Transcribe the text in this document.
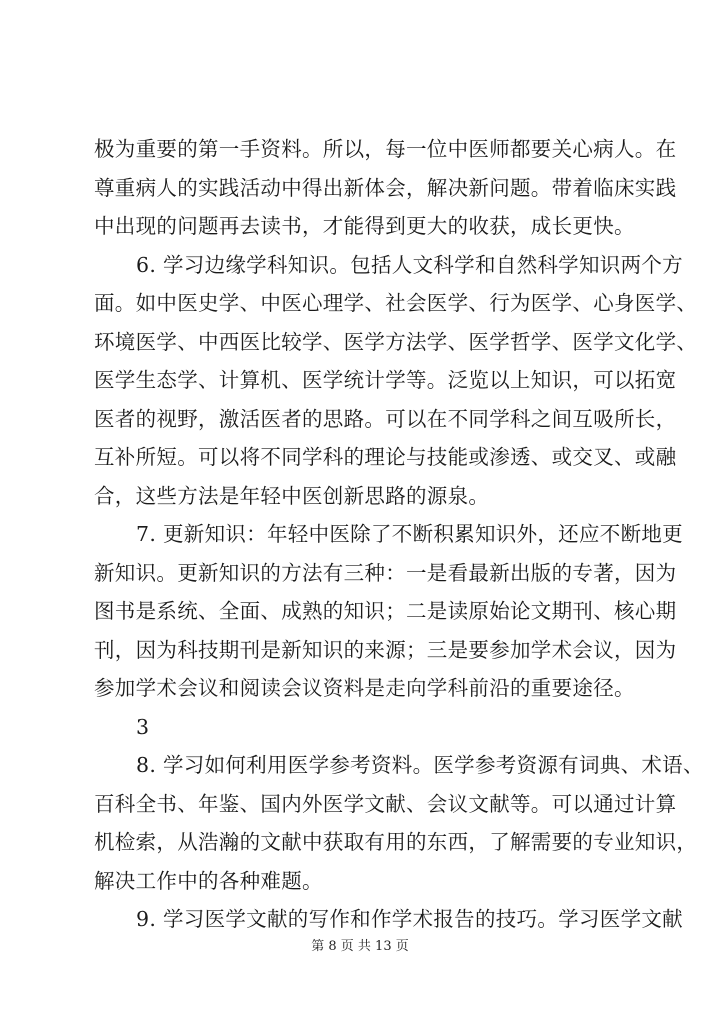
极为重要的第一手资料。所以，每一位中医师都要关心病人。在
尊重病人的实践活动中得出新体会，解决新问题。带着临床实践
中出现的问题再去读书，才能得到更大的收获，成长更快。
6. 学习边缘学科知识。包括人文科学和自然科学知识两个方
面。如中医史学、中医心理学、社会医学、行为医学、心身医学、
环境医学、中西医比较学、医学方法学、医学哲学、医学文化学、
医学生态学、计算机、医学统计学等。泛览以上知识，可以拓宽
医者的视野，激活医者的思路。可以在不同学科之间互吸所长，
互补所短。可以将不同学科的理论与技能或渗透、或交叉、或融
合，这些方法是年轻中医创新思路的源泉。
7. 更新知识：年轻中医除了不断积累知识外，还应不断地更
新知识。更新知识的方法有三种：一是看最新出版的专著，因为
图书是系统、全面、成熟的知识；二是读原始论文期刊、核心期
刊，因为科技期刊是新知识的来源；三是要参加学术会议，因为
参加学术会议和阅读会议资料是走向学科前沿的重要途径。
3
8. 学习如何利用医学参考资料。医学参考资源有词典、术语、
百科全书、年鉴、国内外医学文献、会议文献等。可以通过计算
机检索，从浩瀚的文献中获取有用的东西，了解需要的专业知识，
解决工作中的各种难题。
9. 学习医学文献的写作和作学术报告的技巧。学习医学文献
第 8 页 共 13 页
